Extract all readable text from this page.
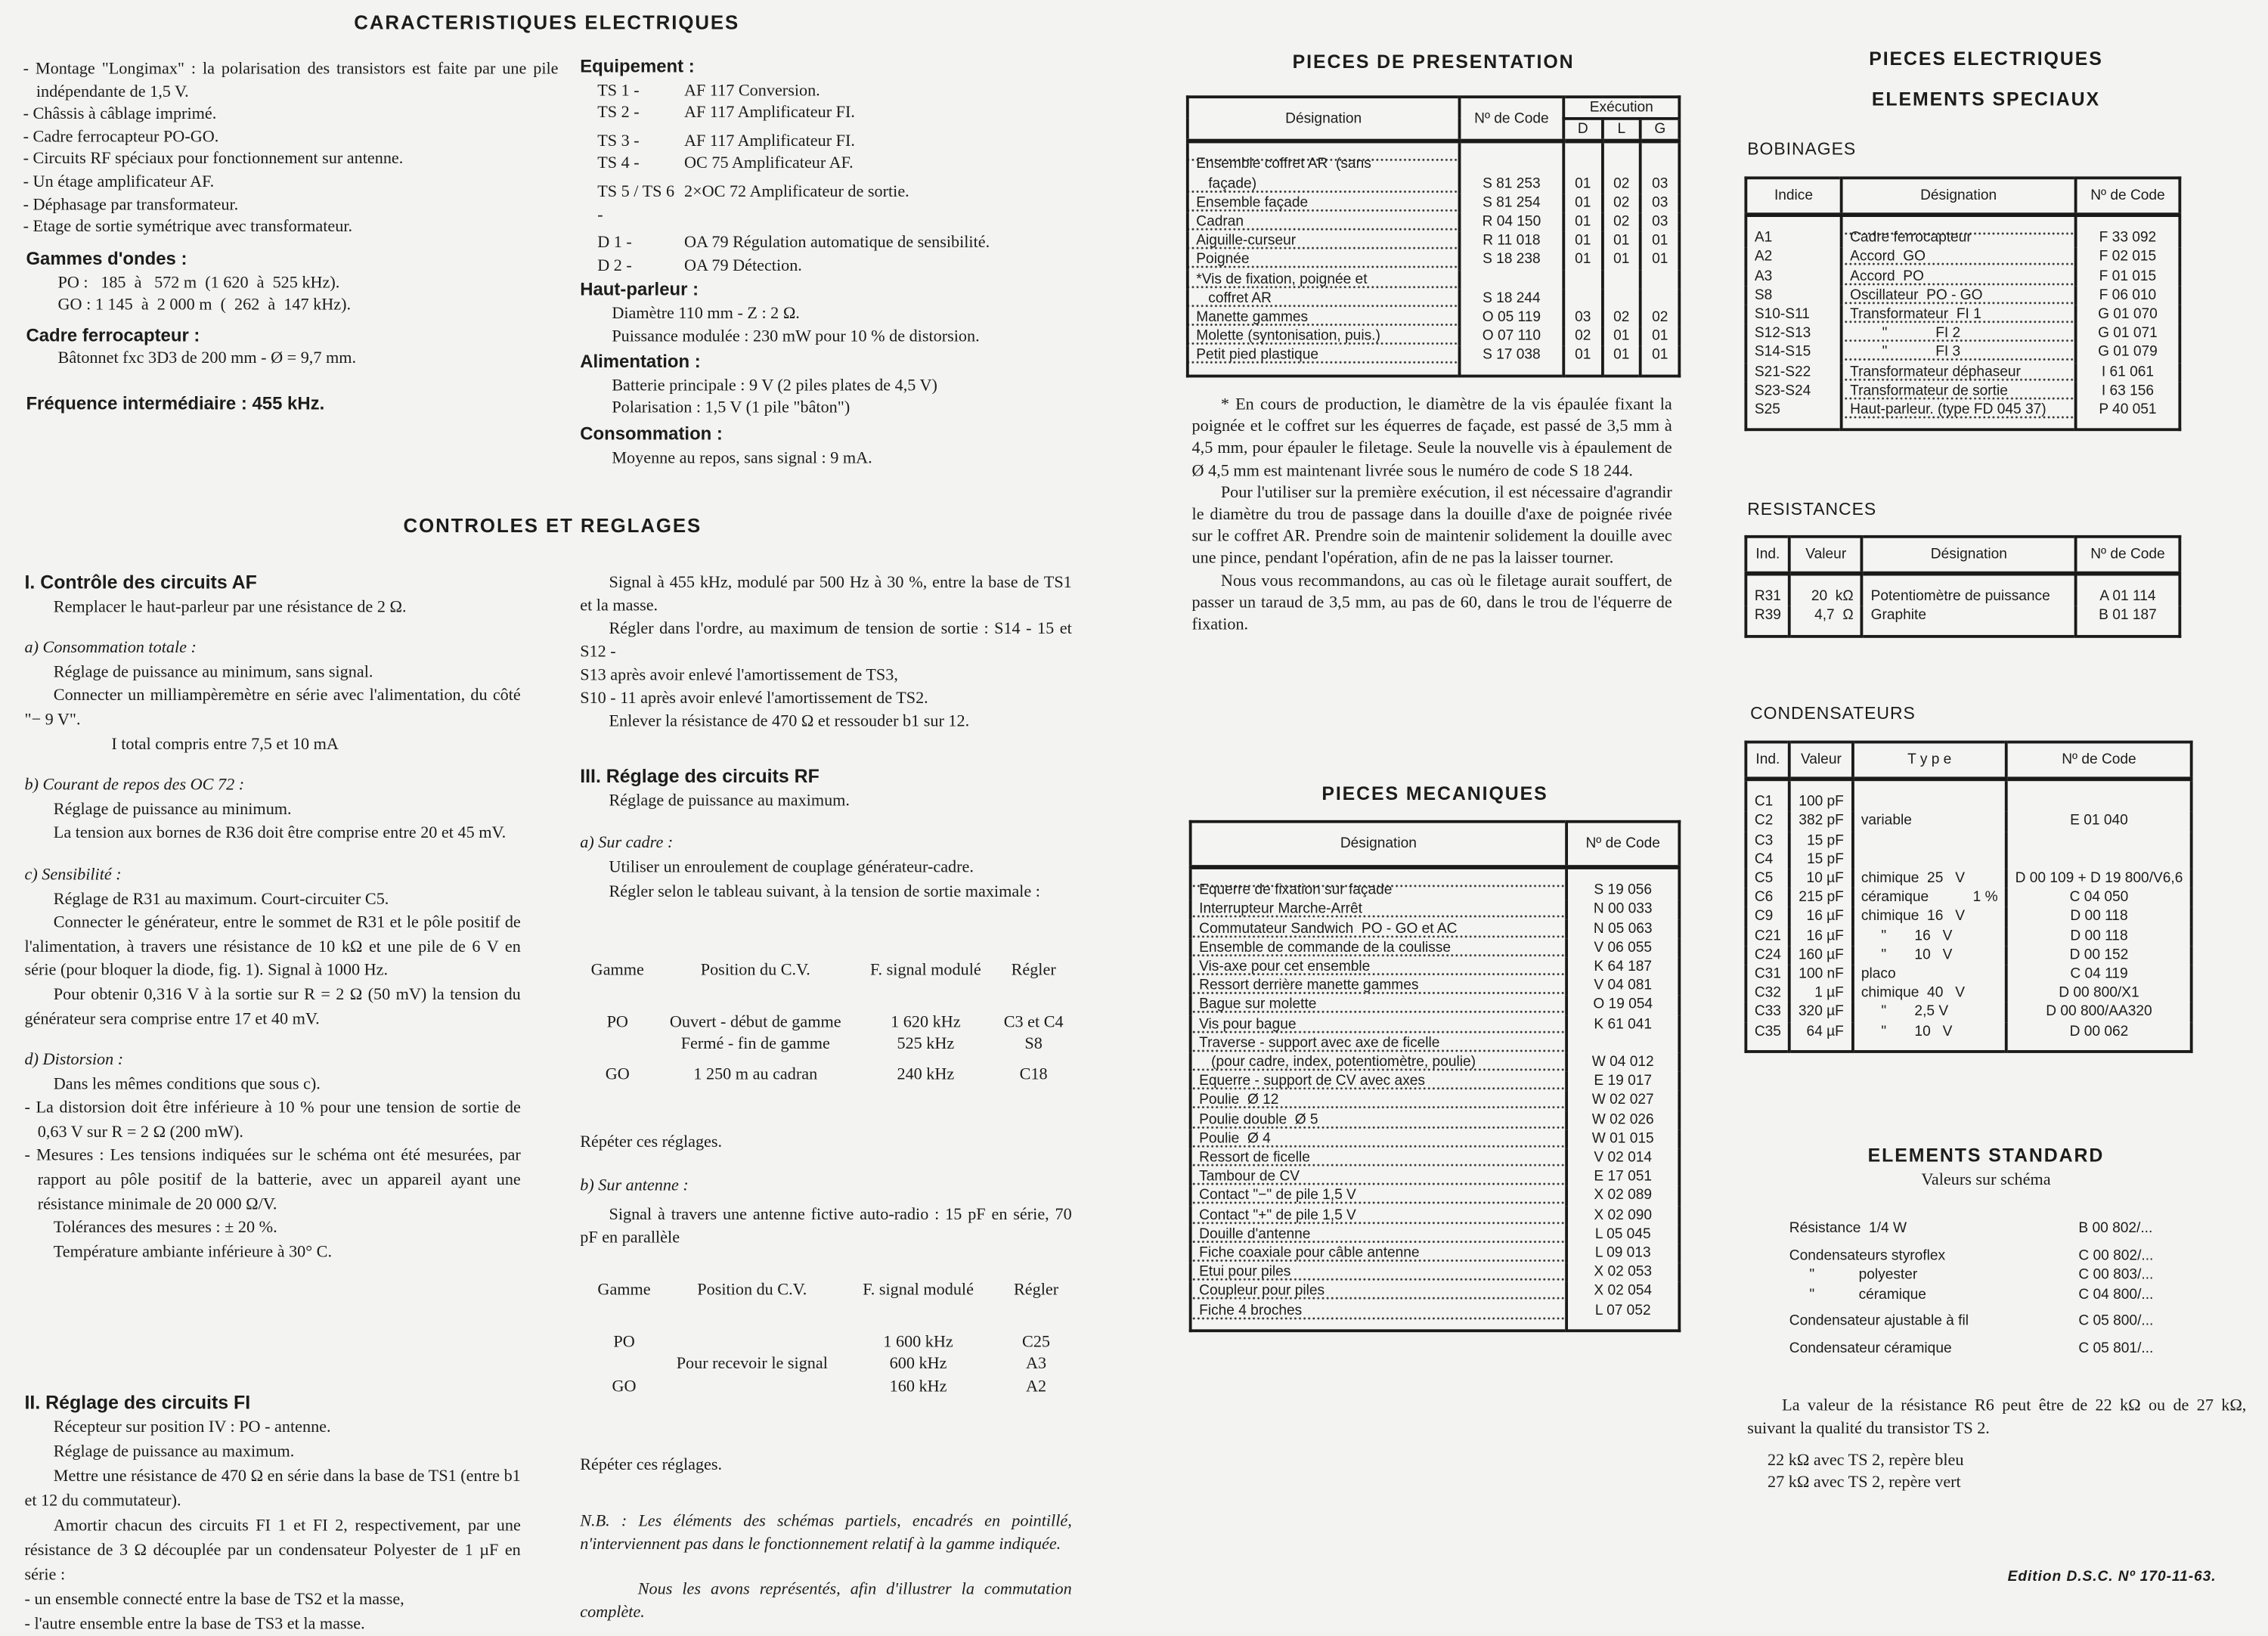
CARACTERISTIQUES ELECTRIQUES
- Montage "Longimax" : la polarisation des transistors est faite par une pile indépendante de 1,5 V.
- Châssis à câblage imprimé.
- Cadre ferrocapteur PO-GO.
- Circuits RF spéciaux pour fonctionnement sur antenne.
- Un étage amplificateur AF.
- Déphasage par transformateur.
- Etage de sortie symétrique avec transformateur.
Gammes d'ondes :
PO :   185  à   572 m  (1 620  à  525 kHz).
GO : 1 145  à  2 000 m  (  262  à  147 kHz).
Cadre ferrocapteur :
Bâtonnet fxc 3D3 de 200 mm - Ø = 9,7 mm.
Fréquence intermédiaire : 455 kHz.
Equipement :
TS 1 -	AF 117 Conversion.
TS 2 -	AF 117 Amplificateur FI.
TS 3 -	AF 117 Amplificateur FI.
TS 4 -	OC 75 Amplificateur AF.
TS 5 / TS 6 -
2×OC 72 Amplificateur de sortie.
D 1 -	OA 79 Régulation automatique de sensibilité.
D 2 -	OA 79 Détection.
Haut-parleur :
Diamètre 110 mm - Z : 2 Ω.
Puissance modulée : 230 mW pour 10 % de distorsion.
Alimentation :
Batterie principale : 9 V (2 piles plates de 4,5 V)
Polarisation : 1,5 V (1 pile "bâton")
Consommation :
Moyenne au repos, sans signal : 9 mA.
CONTROLES ET REGLAGES
I. Contrôle des circuits AF
Remplacer le haut-parleur par une résistance de 2 Ω.
a) Consommation totale :
Réglage de puissance au minimum, sans signal.
Connecter un milliampèremètre en série avec l'alimentation, du côté "− 9 V".
I total compris entre 7,5 et 10 mA
b) Courant de repos des OC 72 :
Réglage de puissance au minimum.
La tension aux bornes de R36 doit être comprise entre 20 et 45 mV.
c) Sensibilité :
Réglage de R31 au maximum. Court-circuiter C5.
Connecter le générateur, entre le sommet de R31 et le pôle positif de l'alimentation, à travers une résistance de 10 kΩ et une pile de 6 V en série (pour bloquer la diode, fig. 1). Signal à 1000 Hz.
Pour obtenir 0,316 V à la sortie sur R = 2 Ω (50 mV) la tension du générateur sera comprise entre 17 et 40 mV.
d) Distorsion :
Dans les mêmes conditions que sous c).
- La distorsion doit être inférieure à 10 % pour une tension de sortie de 0,63 V sur R = 2 Ω (200 mW).
- Mesures : Les tensions indiquées sur le schéma ont été mesurées, par rapport au pôle positif de la batterie, avec un appareil ayant une résistance minimale de 20 000 Ω/V.
Tolérances des mesures : ± 20 %.
Température ambiante inférieure à 30° C.
II. Réglage des circuits FI
Récepteur sur position IV : PO - antenne.
Réglage de puissance au maximum.
Mettre une résistance de 470 Ω en série dans la base de TS1 (entre b1 et 12 du commutateur).
Amortir chacun des circuits FI 1 et FI 2, respectivement, par une résistance de 3 Ω découplée par un condensateur Polyester de 1 µF en série :
- un ensemble connecté entre la base de TS2 et la masse,
- l'autre ensemble entre la base de TS3 et la masse.
Signal à 455 kHz, modulé par 500 Hz à 30 %, entre la base de TS1 et la masse.
Régler dans l'ordre, au maximum de tension de sortie : S14 - 15 et S12 -
S13 après avoir enlevé l'amortissement de TS3,
S10 - 11 après avoir enlevé l'amortissement de TS2.
Enlever la résistance de 470 Ω et ressouder b1 sur 12.
III. Réglage des circuits RF
Réglage de puissance au maximum.
a) Sur cadre :
Utiliser un enroulement de couplage générateur-cadre.
Régler selon le tableau suivant, à la tension de sortie maximale :
Gamme	Position du C.V.	F. signal modulé	Régler
PO	Ouvert - début de gamme	1 620 kHz	C3 et C4
	Fermé - fin de gamme	525 kHz	S8
GO	1 250 m au cadran	240 kHz	C18
Répéter ces réglages.
b) Sur antenne :
Signal à travers une antenne fictive auto-radio : 15 pF en série, 70 pF en parallèle
Gamme	Position du C.V.	F. signal modulé	Régler
PO	Pour recevoir le signal	1 600 kHz	C25
		600 kHz	A3
GO		160 kHz	A2
Répéter ces réglages.
N.B. : Les éléments des schémas partiels, encadrés en pointillé, n'interviennent pas dans le fonctionnement relatif à la gamme indiquée.
Nous les avons représentés, afin d'illustrer la commutation complète.
PIECES DE PRESENTATION
Désignation	Nº de Code	Exécution		
		D	L	G
Ensemble coffret AR  (sans				
façade)	S 81 253	01	02	03
Ensemble façade	S 81 254	01	02	03
Cadran	R 04 150	01	02	03
Aiguille-curseur	R 11 018	01	01	01
Poignée	S 18 238	01	01	01
*Vis de fixation, poignée et				
coffret AR	S 18 244			
Manette gammes	O 05 119	03	02	02
Molette (syntonisation, puis.)	O 07 110	02	01	01
Petit pied plastique	S 17 038	01	01	01
* En cours de production, le diamètre de la vis épaulée fixant la poignée et le coffret sur les équerres de façade, est passé de 3,5 mm à 4,5 mm, pour épauler le filetage. Seule la nouvelle vis à épaulement de Ø 4,5 mm est maintenant livrée sous le numéro de code S 18 244.
Pour l'utiliser sur la première exécution, il est nécessaire d'agrandir le diamètre du trou de passage dans la douille d'axe de poignée rivée sur le coffret AR. Prendre soin de maintenir solidement la douille avec une pince, pendant l'opération, afin de ne pas la laisser tourner.
Nous vous recommandons, au cas où le filetage aurait souffert, de passer un taraud de 3,5 mm, au pas de 60, dans le trou de l'équerre de fixation.
PIECES MECANIQUES
Désignation	Nº de Code
Equerre de fixation sur façade	S 19 056
Interrupteur Marche-Arrêt	N 00 033
Commutateur Sandwich  PO - GO et AC	N 05 063
Ensemble de commande de la coulisse	V 06 055
Vis-axe pour cet ensemble	K 64 187
Ressort derrière manette gammes	V 04 081
Bague sur molette	O 19 054
Vis pour bague	K 61 041
Traverse - support avec axe de ficelle	
(pour cadre, index, potentiomètre, poulie)	W 04 012
Equerre - support de CV avec axes	E 19 017
Poulie  Ø 12	W 02 027
Poulie double  Ø 5	W 02 026
Poulie  Ø 4	W 01 015
Ressort de ficelle	V 02 014
Tambour de CV	E 17 051
Contact "−" de pile 1,5 V	X 02 089
Contact "+" de pile 1,5 V	X 02 090
Douille d'antenne	L 05 045
Fiche coaxiale pour câble antenne	L 09 013
Etui pour piles	X 02 053
Coupleur pour piles	X 02 054
Fiche 4 broches	L 07 052
PIECES ELECTRIQUES
ELEMENTS SPECIAUX
BOBINAGES
Indice	Désignation	Nº de Code
A1	Cadre ferrocapteur	F 33 092
A2	Accord  GO	F 02 015
A3	Accord  PO	F 01 015
S8	Oscillateur  PO - GO	F 06 010
S10-S11	Transformateur  FI 1	G 01 070
S12-S13	"            FI 2	G 01 071
S14-S15	"            FI 3	G 01 079
S21-S22	Transformateur déphaseur	I 61 061
S23-S24	Transformateur de sortie	I 63 156
S25	Haut-parleur. (type FD 045 37)	P 40 051
RESISTANCES
Ind.	Valeur	Désignation	Nº de Code
R31	20  kΩ	Potentiomètre de puissance	A 01 114
R39	4,7  Ω	Graphite	B 01 187
CONDENSATEURS
Ind.	Valeur	T y p e	Nº de Code
C1	100 pF		
C2	382 pF	variable	E 01 040
C3	15 pF		
C4	15 pF		
C5	10 µF	chimique  25   V	D 00 109 + D 19 800/V6,6
C6	215 pF	céramique           1 %	C 04 050
C9	16 µF	chimique  16   V	D 00 118
C21	16 µF	"       16   V	D 00 118
C24	160 µF	"       10   V	D 00 152
C31	100 nF	placo	C 04 119
C32	1 µF	chimique  40   V	D 00 800/X1
C33	320 µF	"       2,5 V	D 00 800/AA320
C35	64 µF	"       10   V	D 00 062
ELEMENTS STANDARD
Valeurs sur schéma
Résistance  1/4 W	B 00 802/...
Condensateurs styroflex	C 00 802/...
"           polyester	C 00 803/...
"           céramique	C 04 800/...
Condensateur ajustable à fil	C 05 800/...
Condensateur céramique	C 05 801/...
La valeur de la résistance R6 peut être de 22 kΩ ou de 27 kΩ, suivant la qualité du transistor TS 2.
22 kΩ avec TS 2, repère bleu
27 kΩ avec TS 2, repère vert
Edition D.S.C. Nº 170-11-63.
